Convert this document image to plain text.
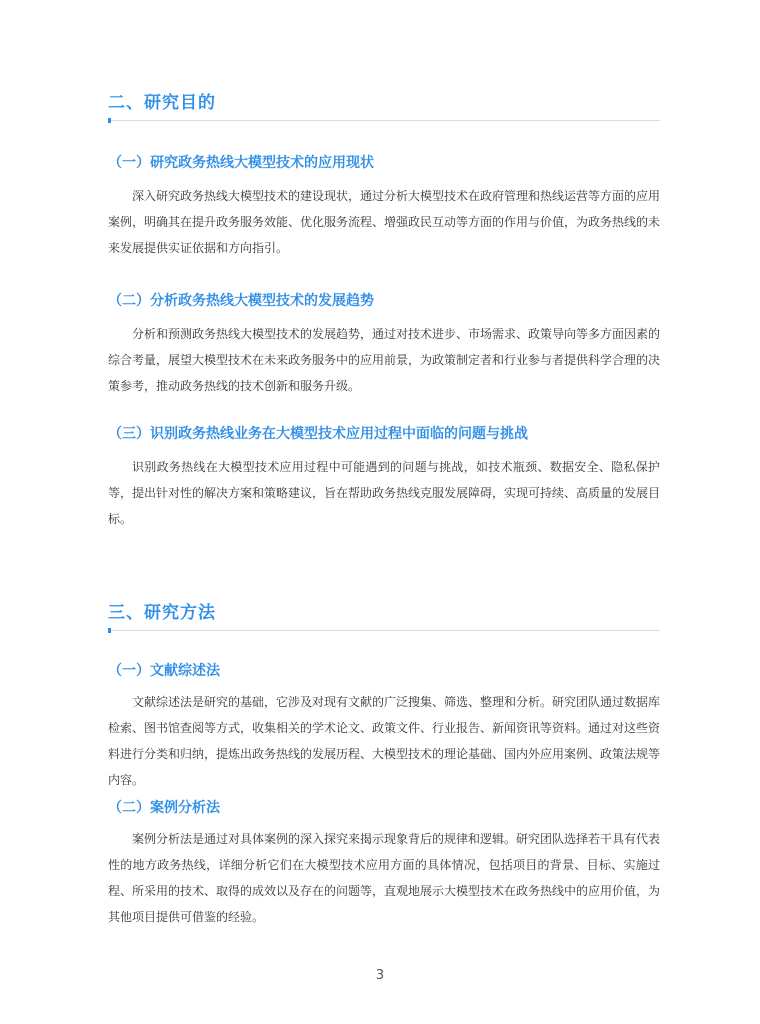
二、研究目的
（一）研究政务热线大模型技术的应用现状

深入研究政务热线大模型技术的建设现状，通过分析大模型技术在政府管理和热线运营等方面的应用案例，明确其在提升政务服务效能、优化服务流程、增强政民互动等方面的作用与价值，为政务热线的未来发展提供实证依据和方向指引。

（二）分析政务热线大模型技术的发展趋势

分析和预测政务热线大模型技术的发展趋势，通过对技术进步、市场需求、政策导向等多方面因素的综合考量，展望大模型技术在未来政务服务中的应用前景，为政策制定者和行业参与者提供科学合理的决策参考，推动政务热线的技术创新和服务升级。

（三）识别政务热线业务在大模型技术应用过程中面临的问题与挑战

识别政务热线在大模型技术应用过程中可能遇到的问题与挑战，如技术瓶颈、数据安全、隐私保护等，提出针对性的解决方案和策略建议，旨在帮助政务热线克服发展障碍，实现可持续、高质量的发展目标。

三、研究方法
（一）文献综述法

文献综述法是研究的基础，它涉及对现有文献的广泛搜集、筛选、整理和分析。研究团队通过数据库检索、图书馆查阅等方式，收集相关的学术论文、政策文件、行业报告、新闻资讯等资料。通过对这些资料进行分类和归纳，提炼出政务热线的发展历程、大模型技术的理论基础、国内外应用案例、政策法规等内容。

（二）案例分析法

案例分析法是通过对具体案例的深入探究来揭示现象背后的规律和逻辑。研究团队选择若干具有代表性的地方政务热线，详细分析它们在大模型技术应用方面的具体情况，包括项目的背景、目标、实施过程、所采用的技术、取得的成效以及存在的问题等，直观地展示大模型技术在政务热线中的应用价值，为其他项目提供可借鉴的经验。

3
